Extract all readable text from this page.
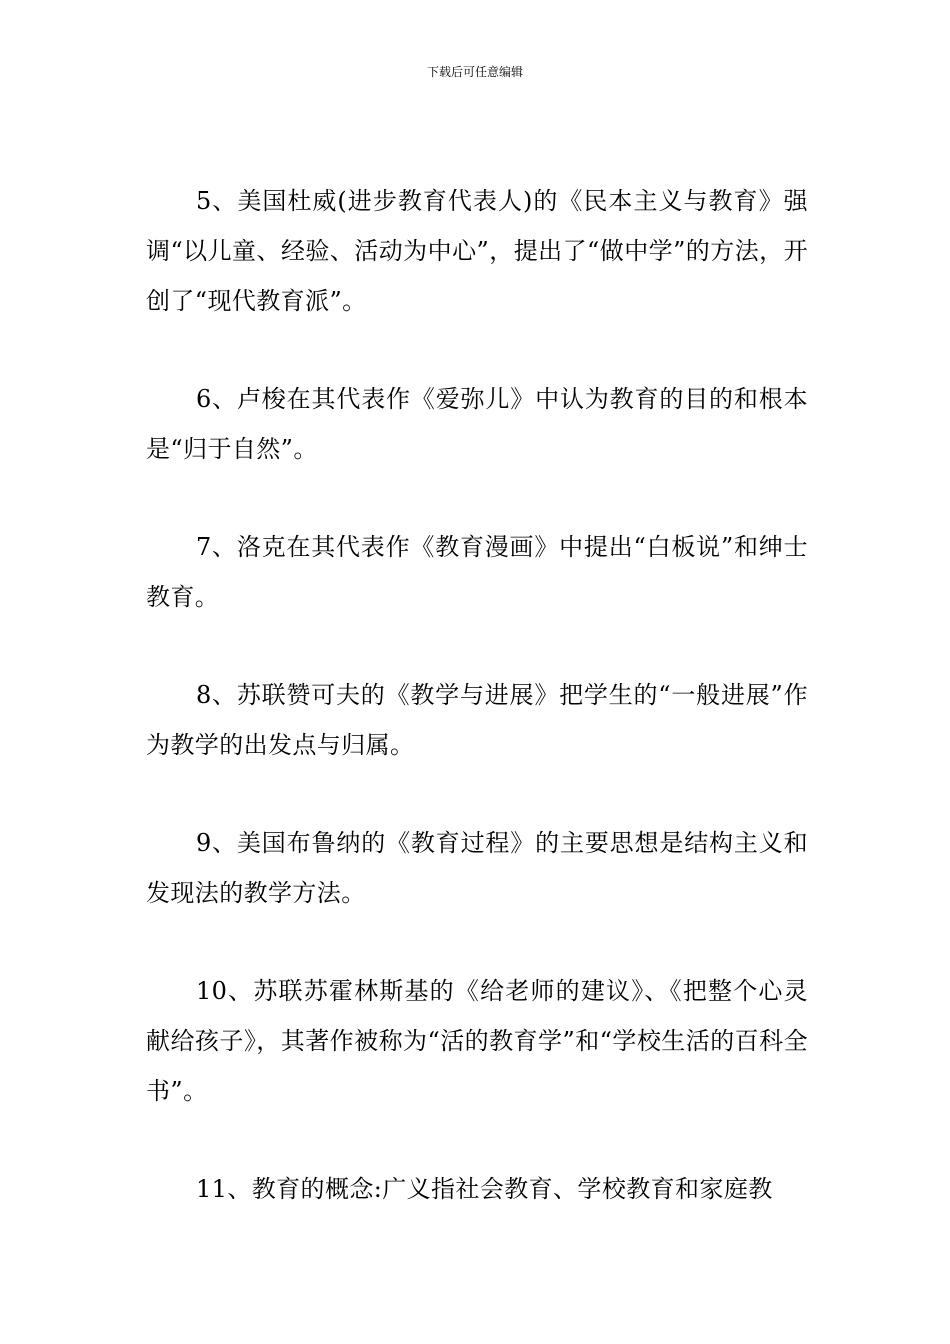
下载后可任意编辑

5、美国杜威(进步教育代表人)的《民本主义与教育》强调“以儿童、经验、活动为中心”，提出了“做中学”的方法，开创了“现代教育派”。

6、卢梭在其代表作《爱弥儿》中认为教育的目的和根本是“归于自然”。

7、洛克在其代表作《教育漫画》中提出“白板说”和绅士教育。

8、苏联赞可夫的《教学与进展》把学生的“一般进展”作为教学的出发点与归属。

9、美国布鲁纳的《教育过程》的主要思想是结构主义和发现法的教学方法。

10、苏联苏霍林斯基的《给老师的建议》、《把整个心灵献给孩子》，其著作被称为“活的教育学”和“学校生活的百科全书”。

11、教育的概念:广义指社会教育、学校教育和家庭教
